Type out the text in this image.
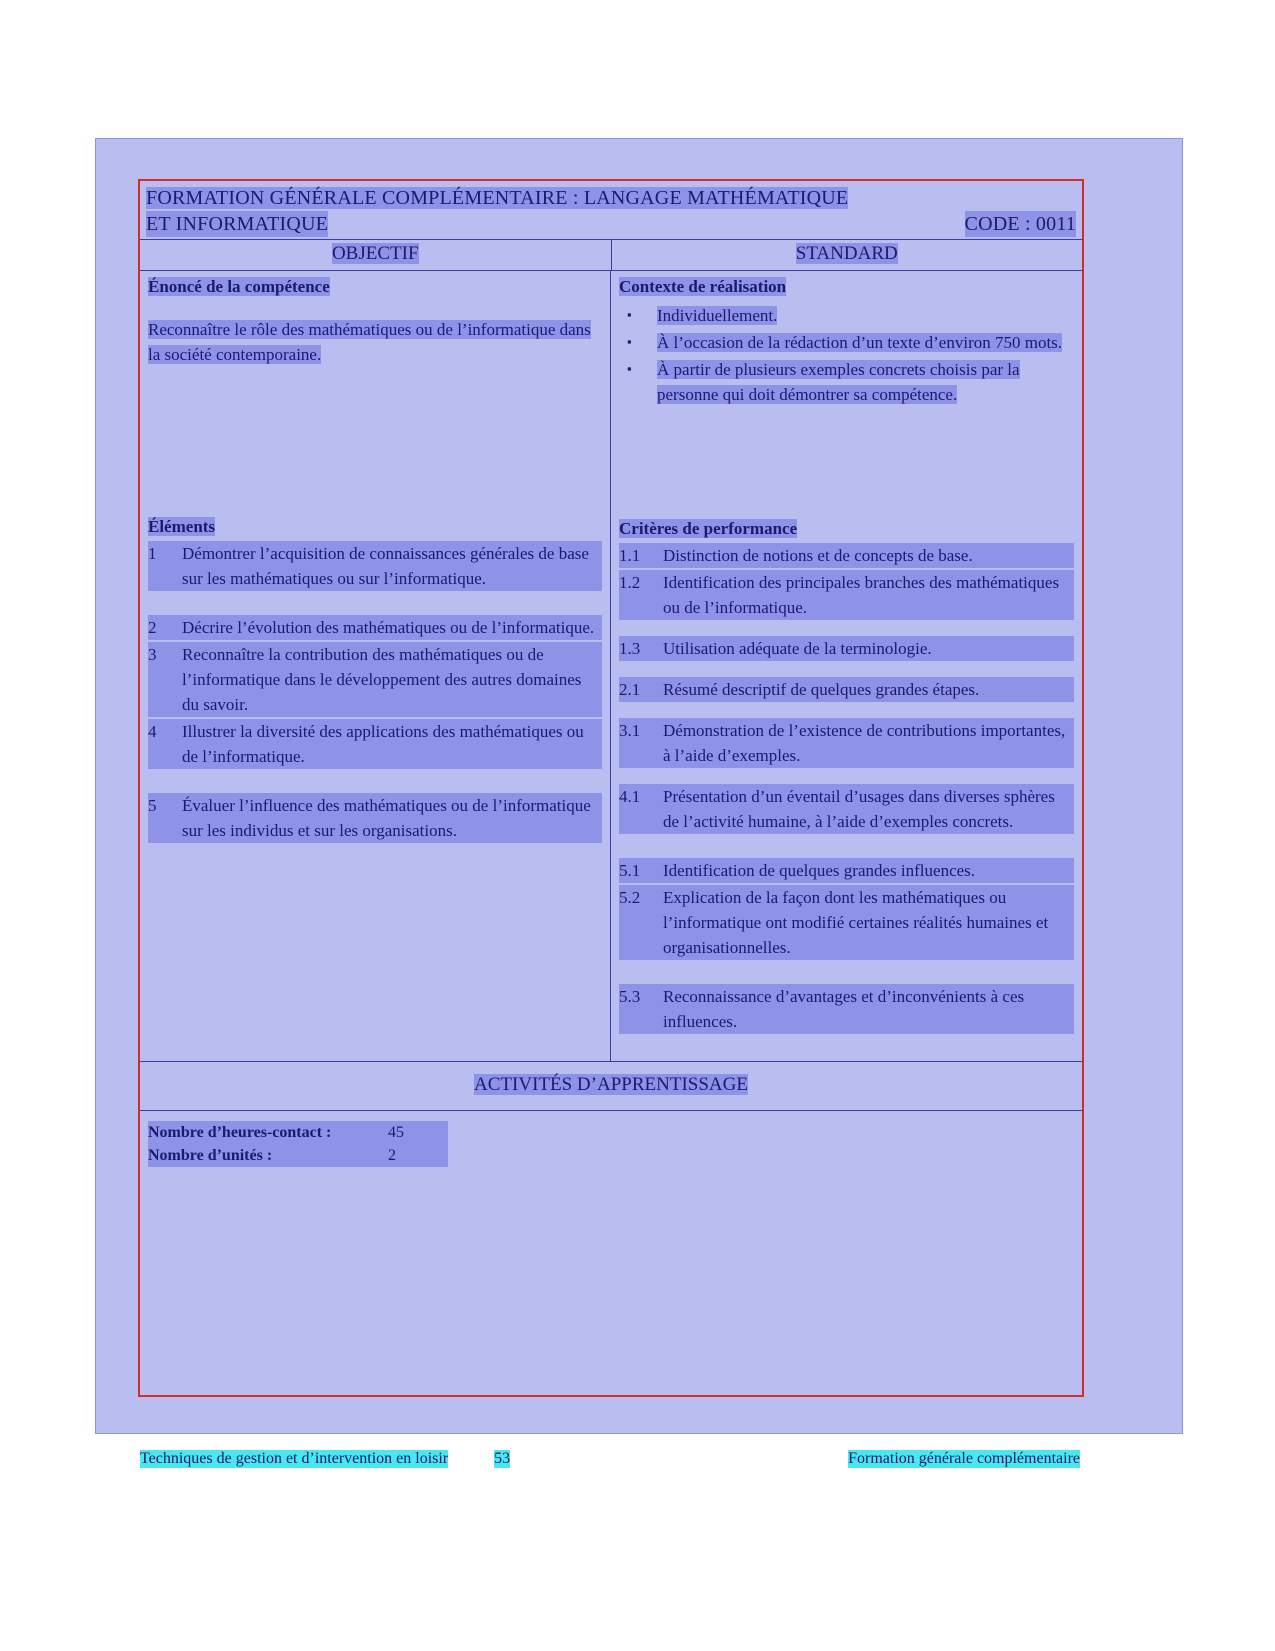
FORMATION GÉNÉRALE COMPLÉMENTAIRE : LANGAGE MATHÉMATIQUE
ET INFORMATIQUE	CODE : 0011
OBJECTIF	STANDARD
Énoncé de la compétence
Reconnaître le rôle des mathématiques ou de l’informatique dans la société contemporaine.
Éléments
1	Démontrer l’acquisition de connaissances générales de base sur les mathématiques ou sur l’informatique.
2	Décrire l’évolution des mathématiques ou de l’informatique.
3	Reconnaître la contribution des mathématiques ou de l’informatique dans le développement des autres domaines du savoir.
4	Illustrer la diversité des applications des mathématiques ou de l’informatique.
5	Évaluer l’influence des mathématiques ou de l’informatique sur les individus et sur les organisations.
Contexte de réalisation
▪ Individuellement.
▪ À l’occasion de la rédaction d’un texte d’environ 750 mots.
▪ À partir de plusieurs exemples concrets choisis par la personne qui doit démontrer sa compétence.
Critères de performance
1.1	Distinction de notions et de concepts de base.
1.2	Identification des principales branches des mathématiques ou de l’informatique.
1.3	Utilisation adéquate de la terminologie.
2.1	Résumé descriptif de quelques grandes étapes.
3.1	Démonstration de l’existence de contributions importantes, à l’aide d’exemples.
4.1	Présentation d’un éventail d’usages dans diverses sphères de l’activité humaine, à l’aide d’exemples concrets.
5.1	Identification de quelques grandes influences.
5.2	Explication de la façon dont les mathématiques ou l’informatique ont modifié certaines réalités humaines et organisationnelles.
5.3	Reconnaissance d’avantages et d’inconvénients à ces influences.
ACTIVITÉS D’APPRENTISSAGE
Nombre d’heures-contact :	45
Nombre d’unités :	2
Techniques de gestion et d’intervention en loisir	53	Formation générale complémentaire
